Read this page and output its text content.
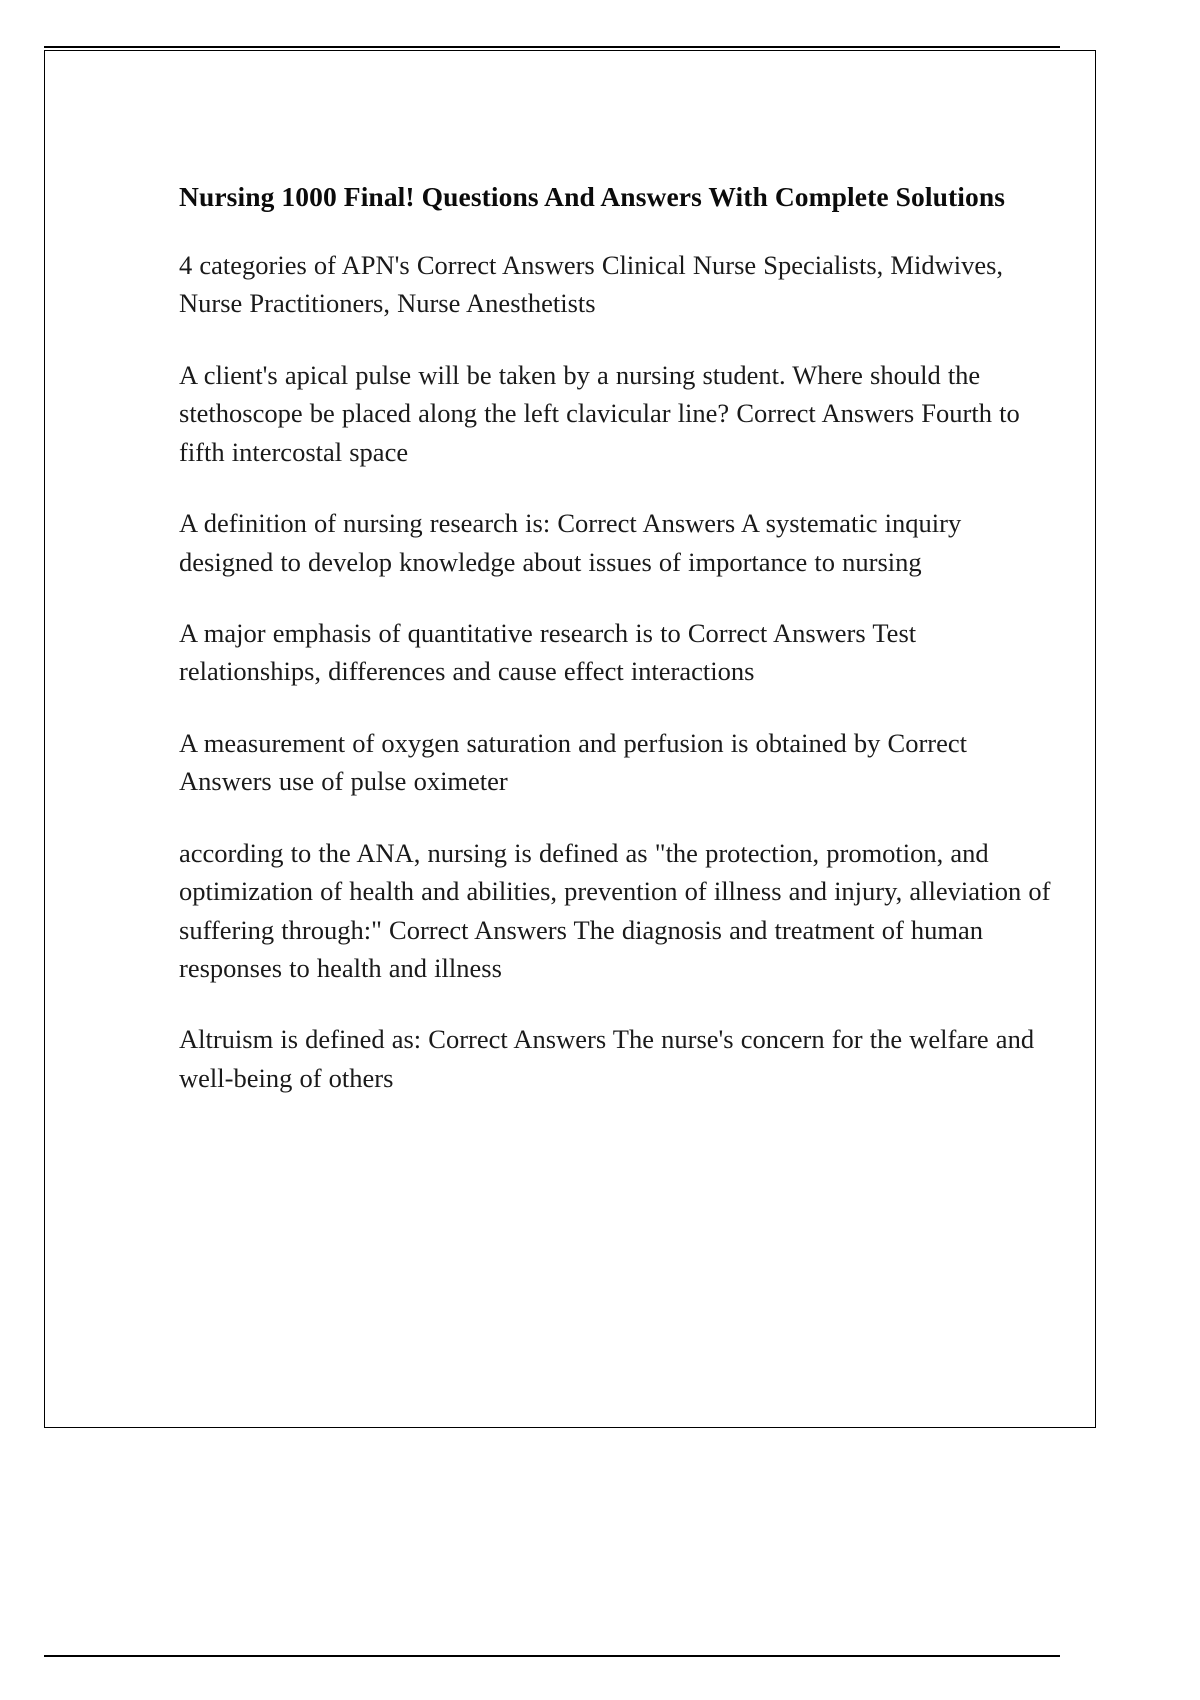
Nursing 1000 Final! Questions And Answers With Complete Solutions

4 categories of APN's Correct Answers Clinical Nurse Specialists, Midwives, Nurse Practitioners, Nurse Anesthetists

A client's apical pulse will be taken by a nursing student. Where should the stethoscope be placed along the left clavicular line? Correct Answers Fourth to fifth intercostal space

A definition of nursing research is: Correct Answers A systematic inquiry designed to develop knowledge about issues of importance to nursing

A major emphasis of quantitative research is to Correct Answers Test relationships, differences and cause effect interactions

A measurement of oxygen saturation and perfusion is obtained by Correct Answers use of pulse oximeter

according to the ANA, nursing is defined as "the protection, promotion, and optimization of health and abilities, prevention of illness and injury, alleviation of suffering through:" Correct Answers The diagnosis and treatment of human responses to health and illness

Altruism is defined as: Correct Answers The nurse's concern for the welfare and well-being of others
